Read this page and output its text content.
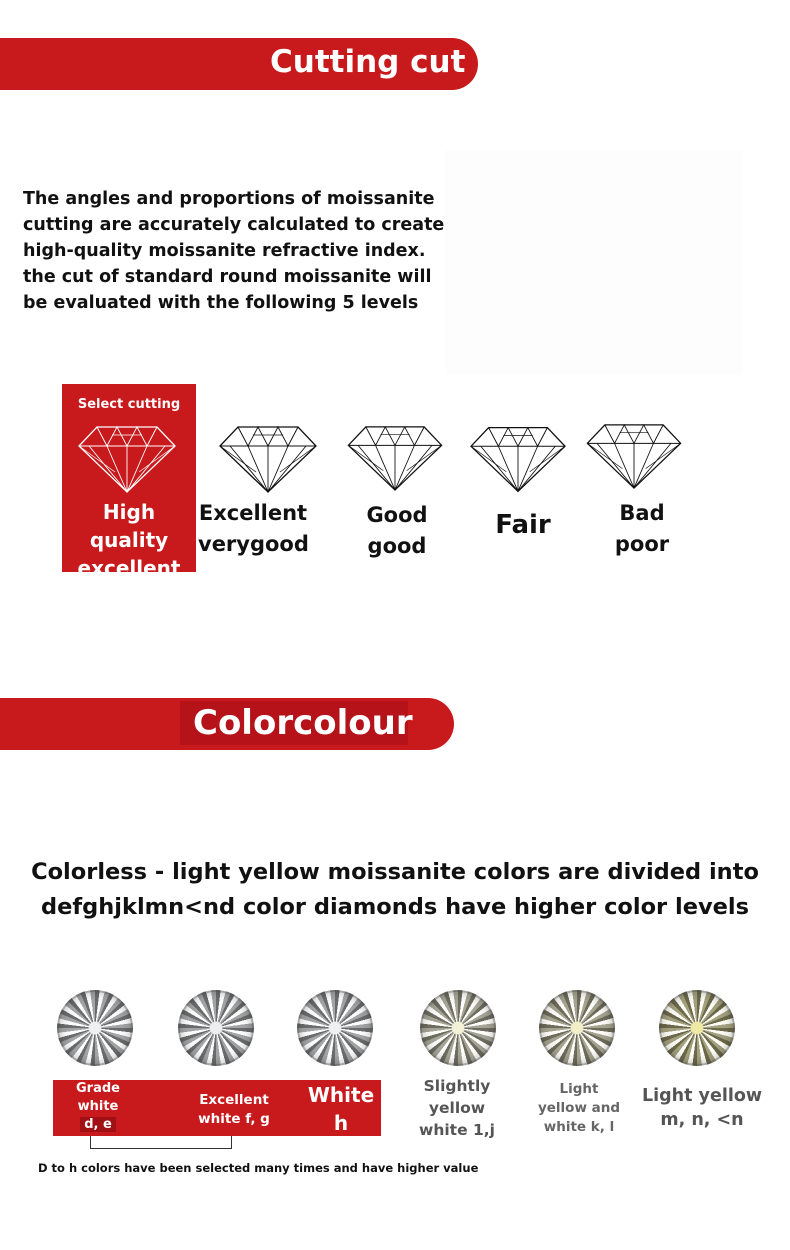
Cutting cut

The angles and proportions of moissanite
cutting are accurately calculated to create
high-quality moissanite refractive index.
the cut of standard round moissanite will
be evaluated with the following 5 levels

Select cutting
High quality
excellent
Excellent
verygood
Good
good
Fair	Bad
poor
Colorcolour

Colorless - light yellow moissanite colors are divided into
defghjklmn<nd color diamonds have higher color levels

Grade
white
d, e
Excellent
white f, g
White
h
Slightly
yellow
white 1,j
Light
yellow and
white k, l
Light yellow
m, n, <n
D to h colors have been selected many times and have higher value
